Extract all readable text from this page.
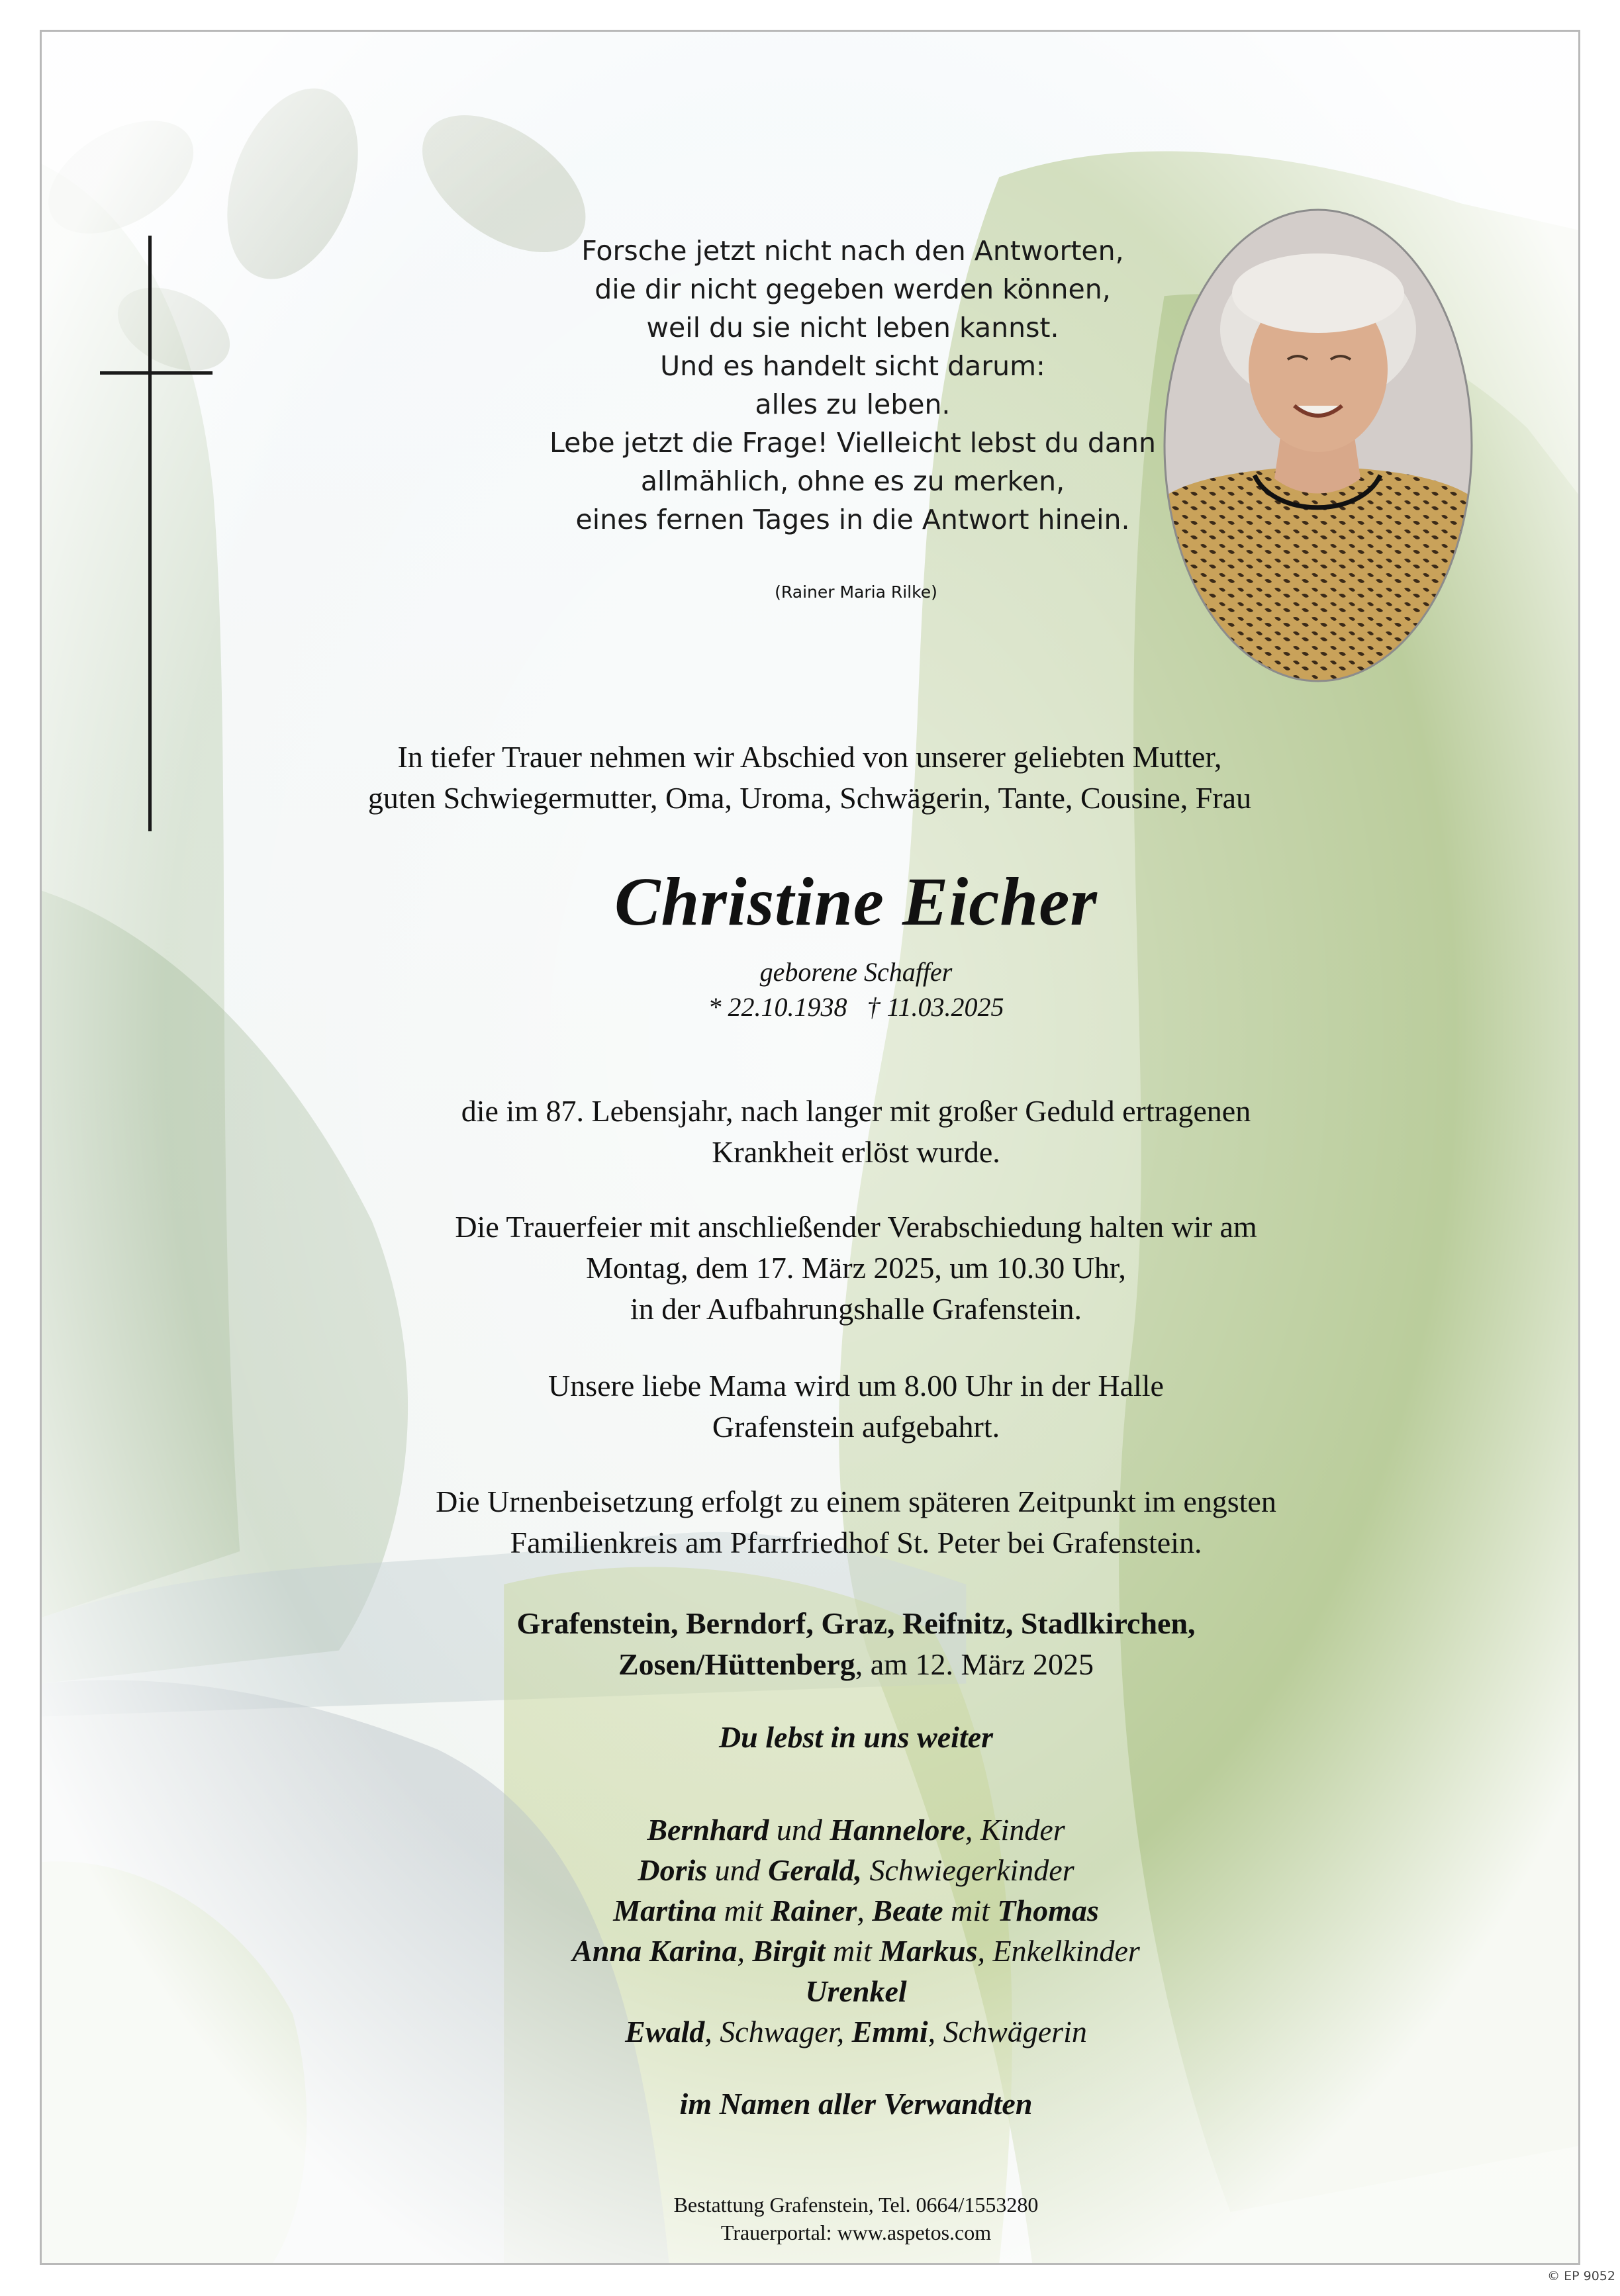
Forsche jetzt nicht nach den Antworten,
die dir nicht gegeben werden können,
weil du sie nicht leben kannst.
Und es handelt sicht darum:
alles zu leben.
Lebe jetzt die Frage! Vielleicht lebst du dann
allmählich, ohne es zu merken,
eines fernen Tages in die Antwort hinein.
(Rainer Maria Rilke)
In tiefer Trauer nehmen wir Abschied von unserer geliebten Mutter,
guten Schwiegermutter, Oma, Uroma, Schwägerin, Tante, Cousine, Frau
Christine Eicher
geborene Schaffer
* 22.10.1938 † 11.03.2025
die im 87. Lebensjahr, nach langer mit großer Geduld ertragenen
Krankheit erlöst wurde.
Die Trauerfeier mit anschließender Verabschiedung halten wir am
Montag, dem 17. März 2025, um 10.30 Uhr,
in der Aufbahrungshalle Grafenstein.
Unsere liebe Mama wird um 8.00 Uhr in der Halle
Grafenstein aufgebahrt.
Die Urnenbeisetzung erfolgt zu einem späteren Zeitpunkt im engsten
Familienkreis am Pfarrfriedhof St. Peter bei Grafenstein.
Grafenstein, Berndorf, Graz, Reifnitz, Stadlkirchen,
Zosen/Hüttenberg, am 12. März 2025
Du lebst in uns weiter
Bernhard und Hannelore, Kinder
Doris und Gerald, Schwiegerkinder
Martina mit Rainer, Beate mit Thomas
Anna Karina, Birgit mit Markus, Enkelkinder
Urenkel
Ewald, Schwager, Emmi, Schwägerin
im Namen aller Verwandten
Bestattung Grafenstein, Tel. 0664/1553280
Trauerportal: www.aspetos.com
© EP 9052
